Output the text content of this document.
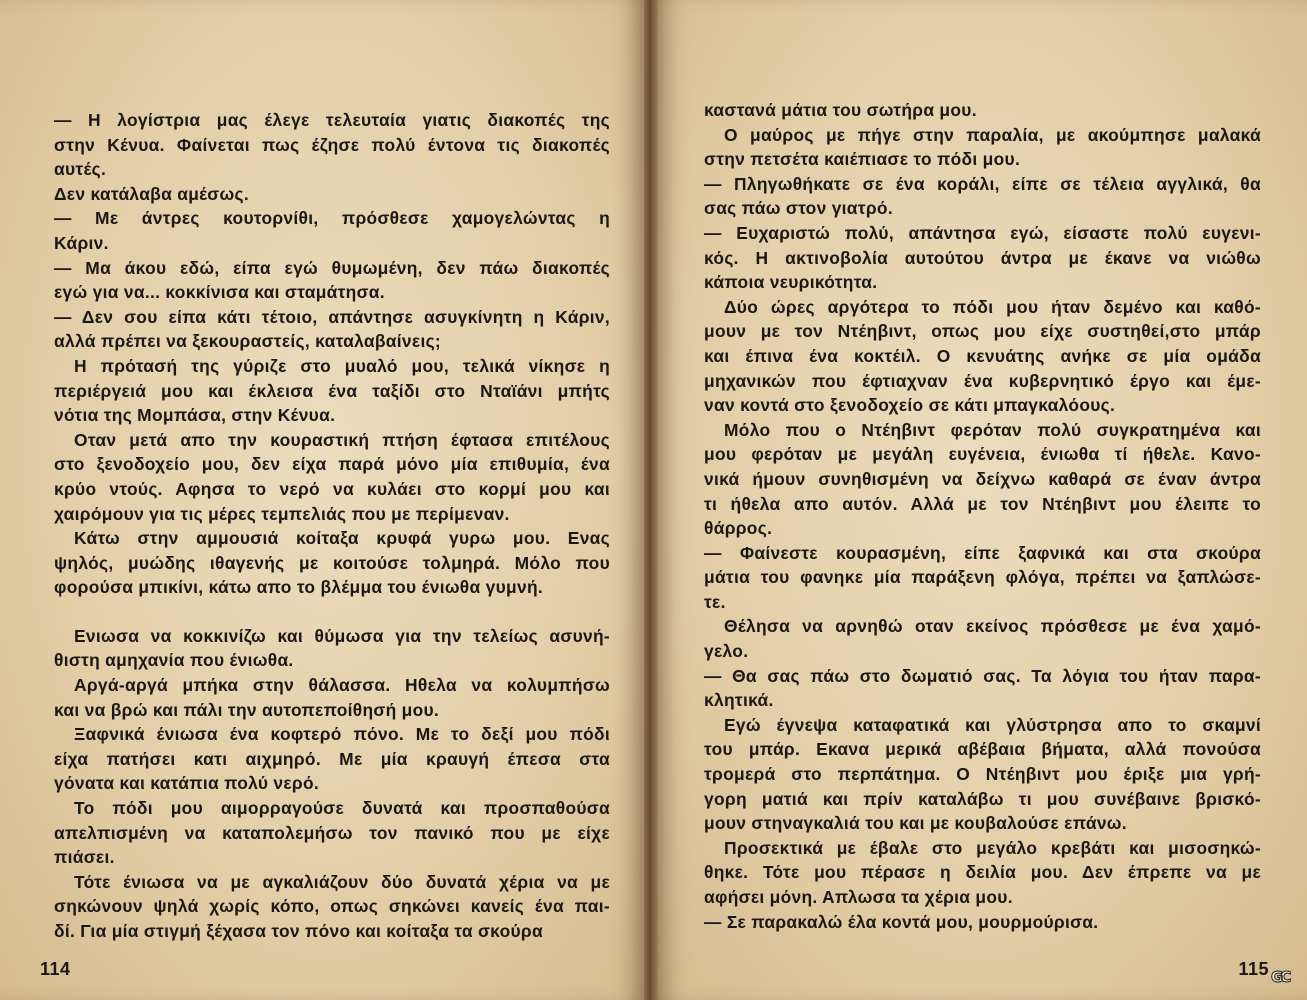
— Η λογίστρια μας έλεγε τελευταία γιατις διακοπές της
στην Κένυα. Φαίνεται πως έζησε πολύ έντονα τις διακοπές
αυτές.
Δεν κατάλαβα αμέσως.
— Με άντρες κουτορνίθι, πρόσθεσε χαμογελώντας η
Κάριν.
— Μα άκου εδώ, είπα εγώ θυμωμένη, δεν πάω διακοπές
εγώ για να... κοκκίνισα και σταμάτησα.
— Δεν σου είπα κάτι τέτοιο, απάντησε ασυγκίνητη η Κάριν,
αλλά πρέπει να ξεκουραστείς, καταλαβαίνεις;
Η πρότασή της γύριζε στο μυαλό μου, τελικά νίκησε η
περιέργειά μου και έκλεισα ένα ταξίδι στο Νταϊάνι μπήτς
νότια της Μομπάσα, στην Κένυα.
Οταν μετά απο την κουραστική πτήση έφτασα επιτέλους
στο ξενοδοχείο μου, δεν είχα παρά μόνο μία επιθυμία, ένα
κρύο ντούς. Αφησα το νερό να κυλάει στο κορμί μου και
χαιρόμουν για τις μέρες τεμπελιάς που με περίμεναν.
Κάτω στην αμμουσιά κοίταξα κρυφά γυρω μου. Ενας
ψηλός, μυώδης ιθαγενής με κοιτούσε τολμηρά. Μόλο που
φορούσα μπικίνι, κάτω απο το βλέμμα του ένιωθα γυμνή.
Ενιωσα να κοκκινίζω και θύμωσα για την τελείως ασυνή-
θιστη αμηχανία που ένιωθα.
Αργά-αργά μπήκα στην θάλασσα. Ηθελα να κολυμπήσω
και να βρώ και πάλι την αυτοπεποίθησή μου.
Ξαφνικά ένιωσα ένα κοφτερό πόνο. Με το δεξί μου πόδι
είχα πατήσει κατι αιχμηρό. Με μία κραυγή έπεσα στα
γόνατα και κατάπια πολύ νερό.
Το πόδι μου αιμορραγούσε δυνατά και προσπαθούσα
απελπισμένη να καταπολεμήσω τον πανικό που με είχε
πιάσει.
Τότε ένιωσα να με αγκαλιάζουν δύο δυνατά χέρια να με
σηκώνουν ψηλά χωρίς κόπο, οπως σηκώνει κανείς ένα παι-
δί. Για μία στιγμή ξέχασα τον πόνο και κοίταξα τα σκούρα
114
καστανά μάτια του σωτήρα μου.
Ο μαύρος με πήγε στην παραλία, με ακούμπησε μαλακά
στην πετσέτα καιέπιασε το πόδι μου.
— Πληγωθήκατε σε ένα κοράλι, είπε σε τέλεια αγγλικά, θα
σας πάω στον γιατρό.
— Ευχαριστώ πολύ, απάντησα εγώ, είσαστε πολύ ευγενι-
κός. Η ακτινοβολία αυτούτου άντρα με έκανε να νιώθω
κάποια νευρικότητα.
Δύο ώρες αργότερα το πόδι μου ήταν δεμένο και καθό-
μουν με τον Ντέηβιντ, οπως μου είχε συστηθεί,στο μπάρ
και έπινα ένα κοκτέιλ. Ο κενυάτης ανήκε σε μία ομάδα
μηχανικών που έφτιαχναν ένα κυβερνητικό έργο και έμε-
ναν κοντά στο ξενοδοχείο σε κάτι μπαγκαλόους.
Μόλο που ο Ντέηβιντ φερόταν πολύ συγκρατημένα και
μου φερόταν με μεγάλη ευγένεια, ένιωθα τί ήθελε. Κανο-
νικά ήμουν συνηθισμένη να δείχνω καθαρά σε έναν άντρα
τι ήθελα απο αυτόν. Αλλά με τον Ντέηβιντ μου έλειπε το
θάρρος.
— Φαίνεστε κουρασμένη, είπε ξαφνικά και στα σκούρα
μάτια του φανηκε μία παράξενη φλόγα, πρέπει να ξαπλώσε-
τε.
Θέλησα να αρνηθώ οταν εκείνος πρόσθεσε με ένα χαμό-
γελο.
— Θα σας πάω στο δωματιό σας. Τα λόγια του ήταν παρα-
κλητικά.
Εγώ έγνεψα καταφατικά και γλύστρησα απο το σκαμνί
του μπάρ. Εκανα μερικά αβέβαια βήματα, αλλά πονούσα
τρομερά στο περπάτημα. Ο Ντέηβιντ μου έριξε μια γρή-
γορη ματιά και πρίν καταλάβω τι μου συνέβαινε βρισκό-
μουν στηναγκαλιά του και με κουβαλούσε επάνω.
Προσεκτικά με έβαλε στο μεγάλο κρεβάτι και μισοσηκώ-
θηκε. Τότε μου πέρασε η δειλία μου. Δεν έπρεπε να με
αφήσει μόνη. Απλωσα τα χέρια μου.
— Σε παρακαλώ έλα κοντά μου, μουρμούρισα.
115 GC
